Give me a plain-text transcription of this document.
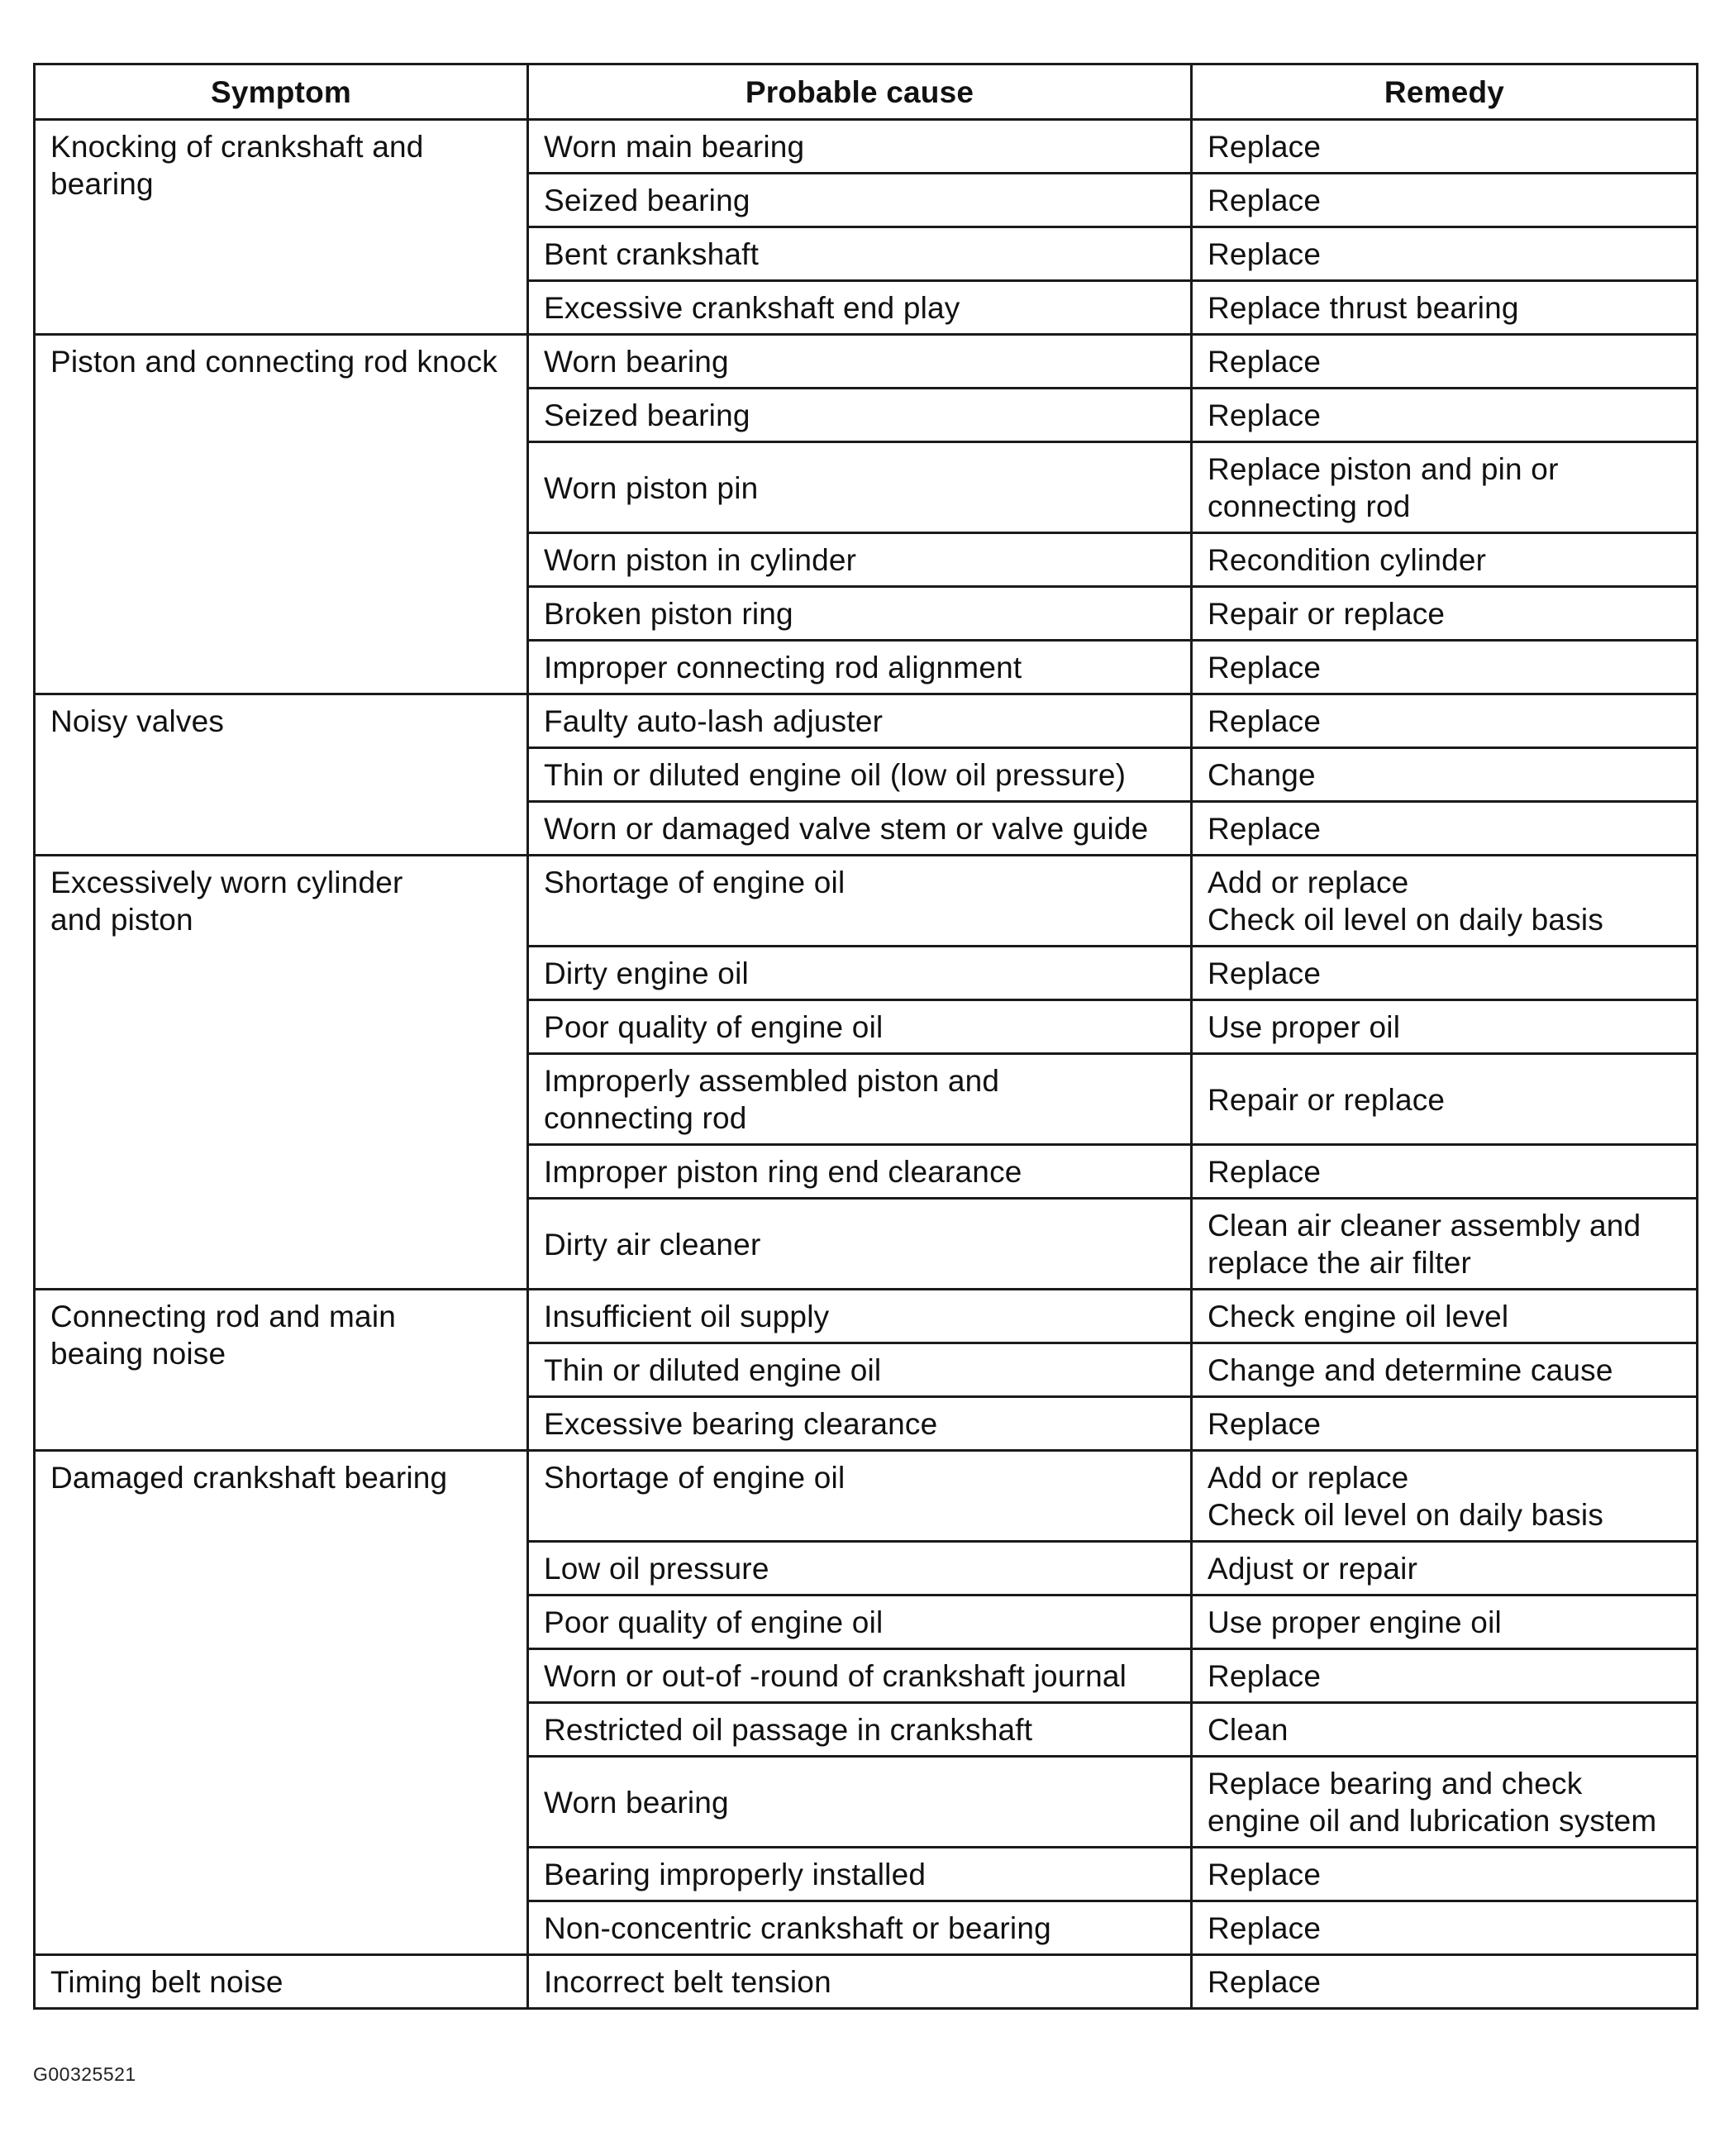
Symptom	Probable cause	Remedy

Knocking of crankshaft and
bearing	Worn main bearing	Replace

	Seized bearing	Replace

	Bent crankshaft	Replace

	Excessive crankshaft end play	Replace thrust bearing

Piston and connecting rod knock	Worn bearing	Replace

	Seized bearing	Replace

	Worn piston pin	Replace piston and pin or
connecting rod

	Worn piston in cylinder	Recondition cylinder

	Broken piston ring	Repair or replace

	Improper connecting rod alignment	Replace

Noisy valves	Faulty auto-lash adjuster	Replace

	Thin or diluted engine oil (low oil pressure)	Change

	Worn or damaged valve stem or valve guide	Replace

Excessively worn cylinder
and piston	Shortage of engine oil	Add or replace
Check oil level on daily basis

	Dirty engine oil	Replace

	Poor quality of engine oil	Use proper oil

	Improperly assembled piston and
connecting rod	Repair or replace

	Improper piston ring end clearance	Replace

	Dirty air cleaner	Clean air cleaner assembly and
replace the air filter

Connecting rod and main
beaing noise	Insufficient oil supply	Check engine oil level

	Thin or diluted engine oil	Change and determine cause

	Excessive bearing clearance	Replace

Damaged crankshaft bearing	Shortage of engine oil	Add or replace
Check oil level on daily basis

	Low oil pressure	Adjust or repair

	Poor quality of engine oil	Use proper engine oil

	Worn or out-of -round of crankshaft journal	Replace

	Restricted oil passage in crankshaft	Clean

	Worn bearing	Replace bearing and check
engine oil and lubrication system

	Bearing improperly installed	Replace

	Non-concentric crankshaft or bearing	Replace

Timing belt noise	Incorrect belt tension	Replace
G00325521
